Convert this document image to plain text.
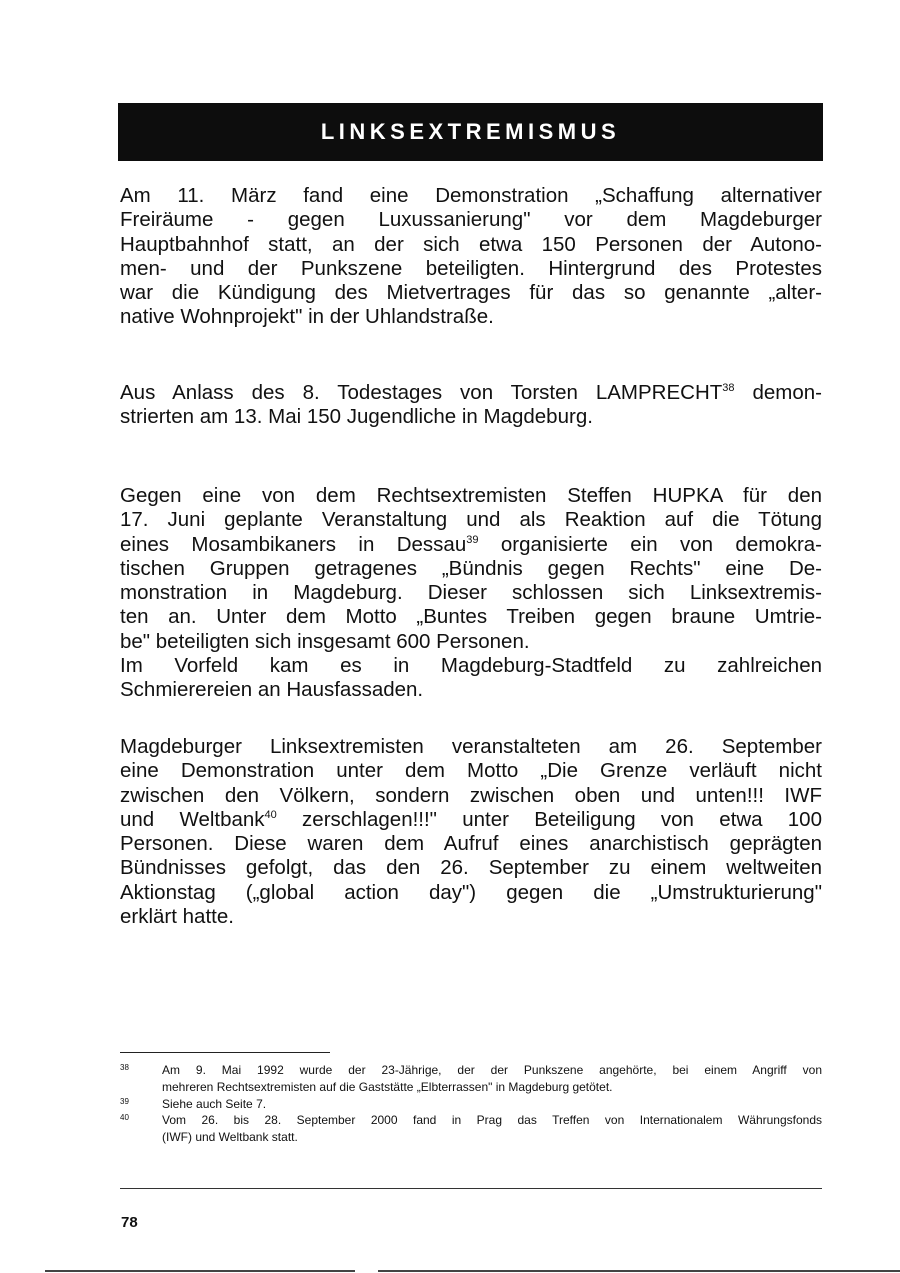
LINKSEXTREMISMUS
Am 11. März fand eine Demonstration „Schaffung alternativer
Freiräume - gegen Luxussanierung" vor dem Magdeburger
Hauptbahnhof statt, an der sich etwa 150 Personen der Autono-
men- und der Punkszene beteiligten. Hintergrund des Protestes
war die Kündigung des Mietvertrages für das so genannte „alter-
native Wohnprojekt" in der Uhlandstraße.
Aus Anlass des 8. Todestages von Torsten LAMPRECHT$^{38}$ demon-
strierten am 13. Mai 150 Jugendliche in Magdeburg.
Gegen eine von dem Rechtsextremisten Steffen HUPKA für den
17. Juni geplante Veranstaltung und als Reaktion auf die Tötung
eines Mosambikaners in Dessau$^{39}$ organisierte ein von demokra-
tischen Gruppen getragenes „Bündnis gegen Rechts" eine De-
monstration in Magdeburg. Dieser schlossen sich Linksextremis-
ten an. Unter dem Motto „Buntes Treiben gegen braune Umtrie-
be" beteiligten sich insgesamt 600 Personen.
Im Vorfeld kam es in Magdeburg-Stadtfeld zu zahlreichen
Schmierereien an Hausfassaden.
Magdeburger Linksextremisten veranstalteten am 26. September
eine Demonstration unter dem Motto „Die Grenze verläuft nicht
zwischen den Völkern, sondern zwischen oben und unten!!! IWF
und Weltbank$^{40}$ zerschlagen!!!" unter Beteiligung von etwa 100
Personen. Diese waren dem Aufruf eines anarchistisch geprägten
Bündnisses gefolgt, das den 26. September zu einem weltweiten
Aktionstag („global action day") gegen die „Umstrukturierung"
erklärt hatte.
38	Am 9. Mai 1992 wurde der 23-Jährige, der der Punkszene angehörte, bei einem Angriff von
mehreren Rechtsextremisten auf die Gaststätte „Elbterrassen" in Magdeburg getötet.
39	Siehe auch Seite 7.
40	Vom 26. bis 28. September 2000 fand in Prag das Treffen von Internationalem Währungsfonds
(IWF) und Weltbank statt.
78
